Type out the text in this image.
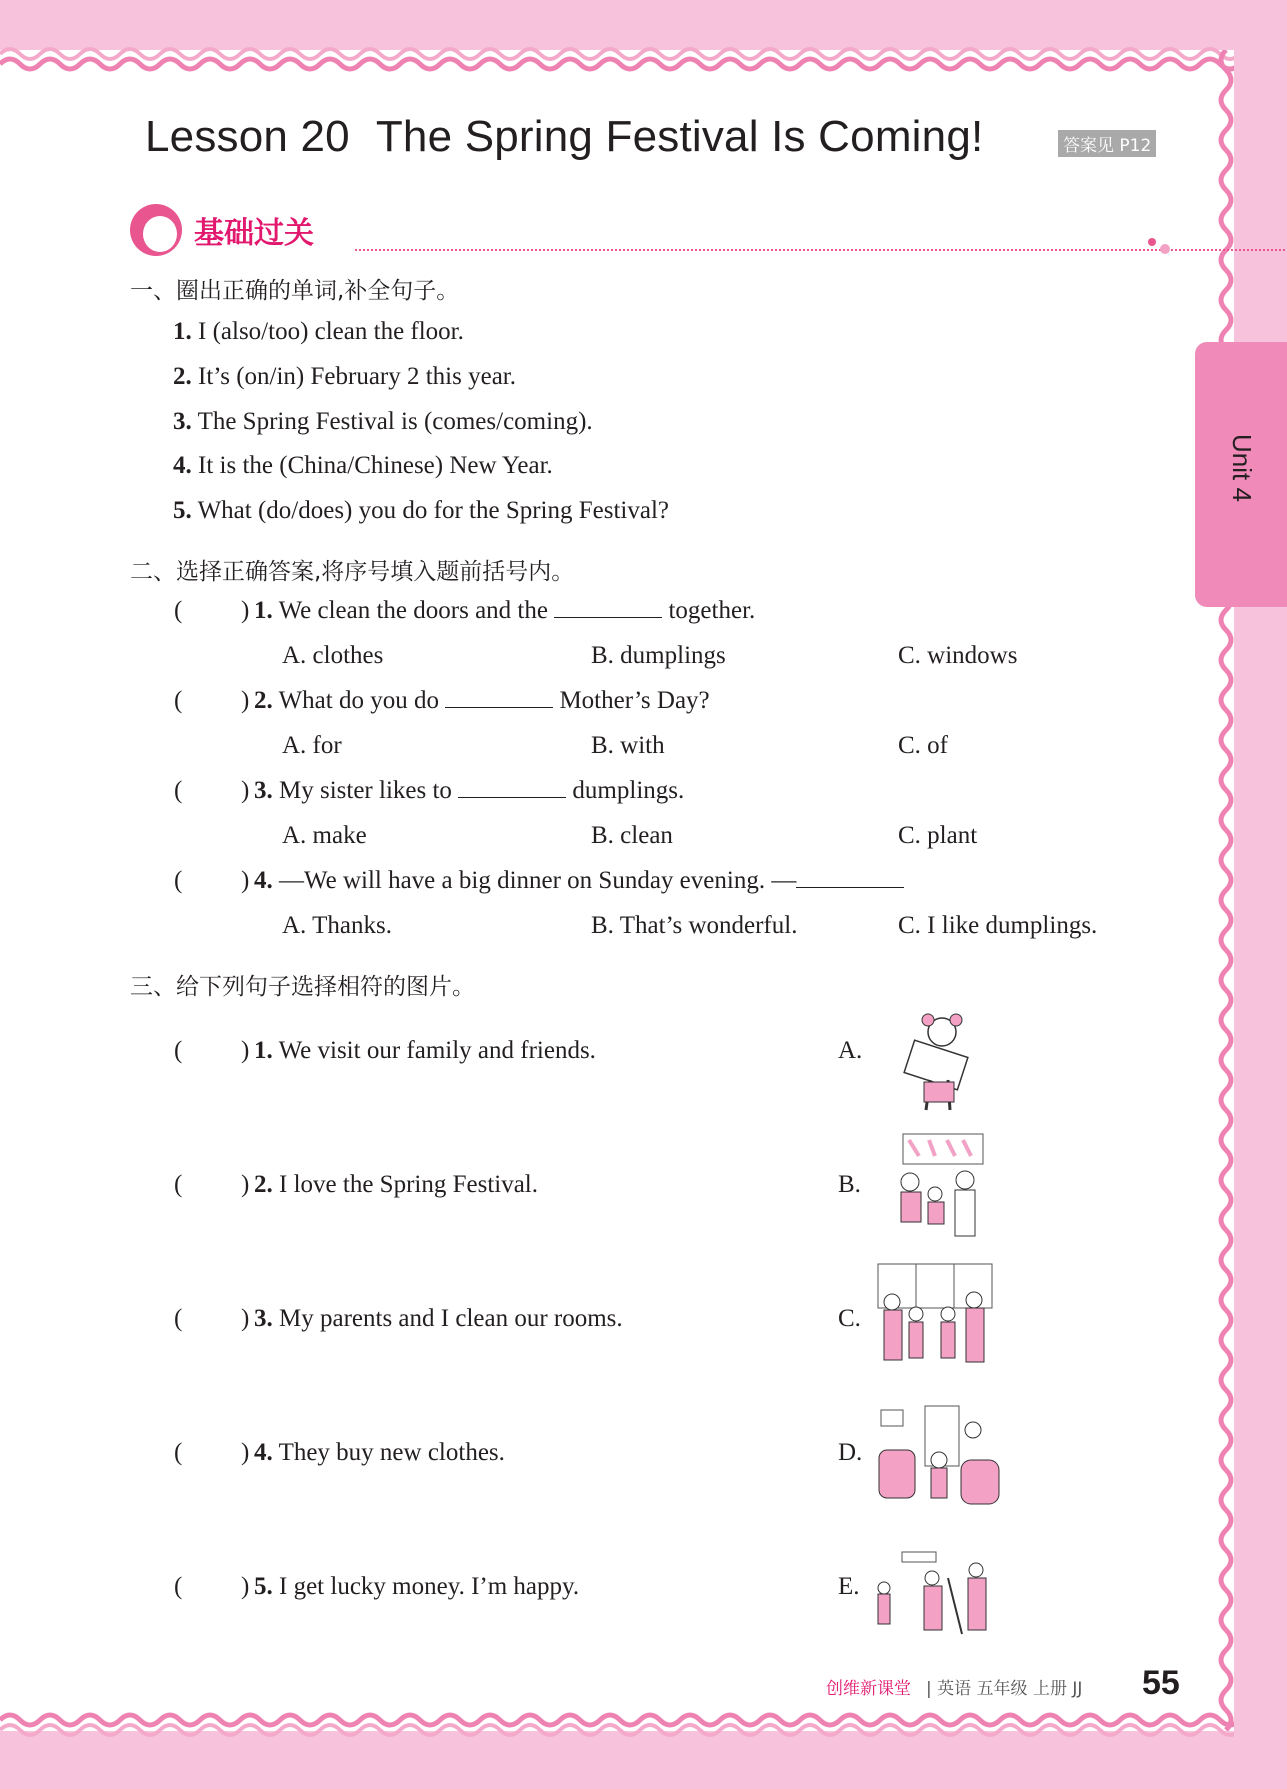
Unit 4
Lesson 20 The Spring Festival Is Coming!	答案见 P12
基础过关
一、圈出正确的单词,补全句子。
1. I (also/too) clean the floor.
2. It’s (on/in) February 2 this year.
3. The Spring Festival is (comes/coming).
4. It is the (China/Chinese) New Year.
5. What (do/does) you do for the Spring Festival?
二、选择正确答案,将序号填入题前括号内。
( ) 1. We clean the doors and the	together.
A. clothes	B. dumplings	C. windows
( ) 2. What do you do	Mother’s Day?
A. for	B. with	C. of
( ) 3. My sister likes to	dumplings.
A. make	B. clean	C. plant
( ) 4. —We will have a big dinner on Sunday evening. —
A. Thanks.	B. That’s wonderful.	C. I like dumplings.
三、给下列句子选择相符的图片。
( ) 1. We visit our family and friends.	A.
( ) 2. I love the Spring Festival.	B.
( ) 3. My parents and I clean our rooms.	C.
( ) 4. They buy new clothes.	D.
( ) 5. I get lucky money. I’m happy.	E.
创维新课堂 | 英语 五年级 上册 JJ 55
